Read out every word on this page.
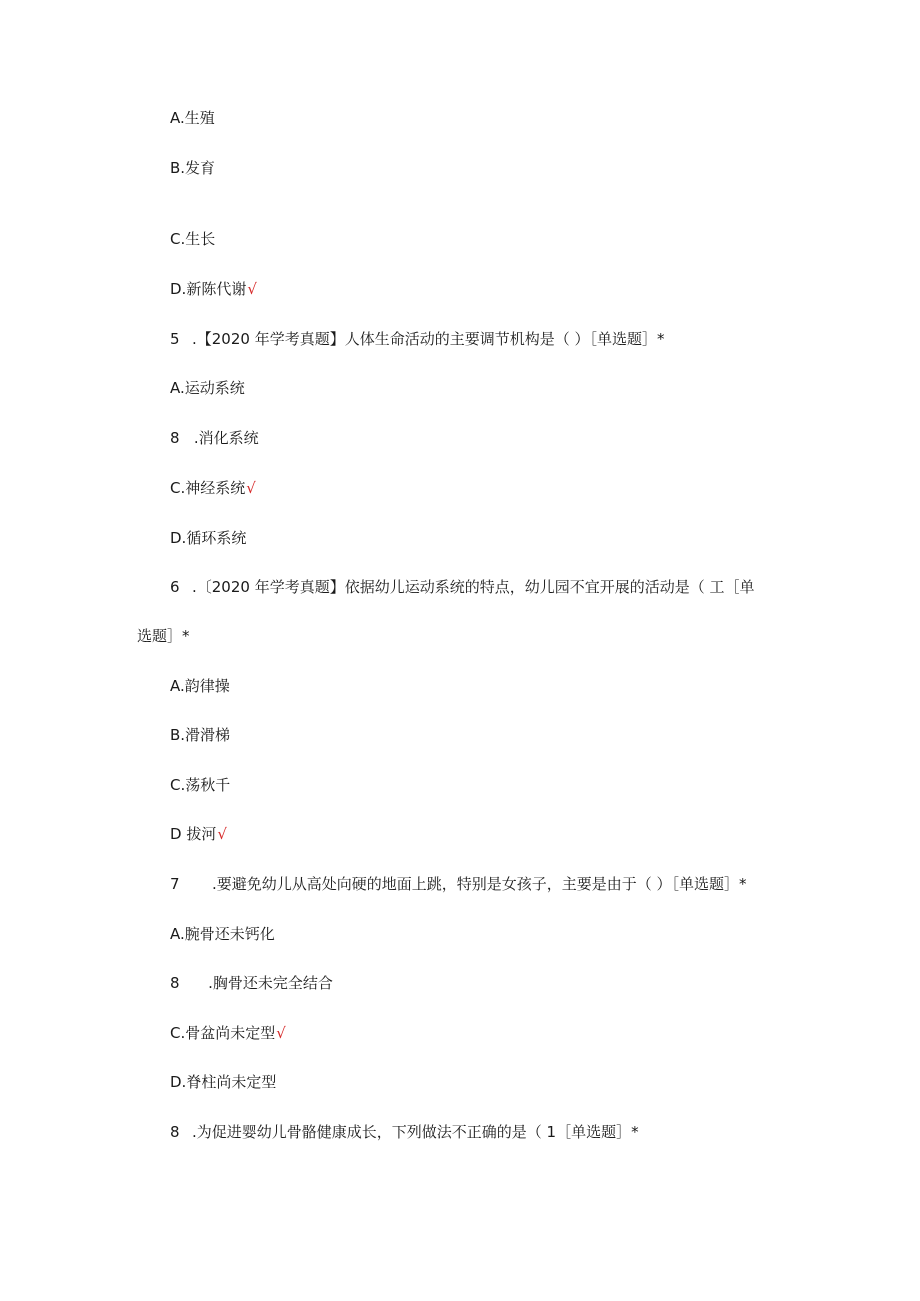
A.生殖
B.发育
C.生长
D.新陈代谢√
5 .【2020 年学考真题】人体生命活动的主要调节机构是（ ）［单选题］*
A.运动系统
8   .消化系统
C.神经系统√
D.循环系统
6 .〔2020 年学考真题】依据幼儿运动系统的特点，幼儿园不宜开展的活动是（ 工［单
选题］*
A.韵律操
B.滑滑梯
C.荡秋千
D 拔河√
7 .要避免幼儿从高处向硬的地面上跳，特别是女孩子，主要是由于（ ）［单选题］*
A.腕骨还未钙化
8      .胸骨还未完全结合
C.骨盆尚未定型√
D.脊柱尚未定型
8 .为促进婴幼儿骨骼健康成长，下列做法不正确的是（ 1［单选题］*
